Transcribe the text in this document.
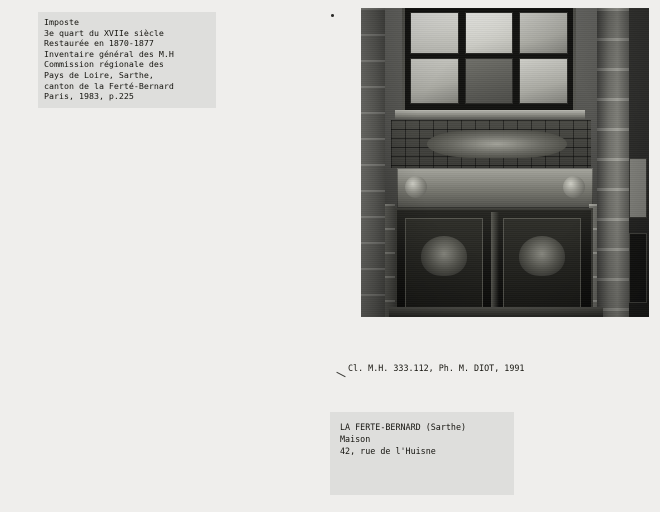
Imposte
3e quart du XVIIe siècle
Restaurée en 1870-1877
Inventaire général des M.H
Commission régionale des
Pays de Loire, Sarthe,
canton de la Ferté-Bernard
Paris, 1983, p.225
Cl. M.H. 333.112, Ph. M. DIOT, 1991
LA FERTE-BERNARD (Sarthe)
Maison
42, rue de l'Huisne
